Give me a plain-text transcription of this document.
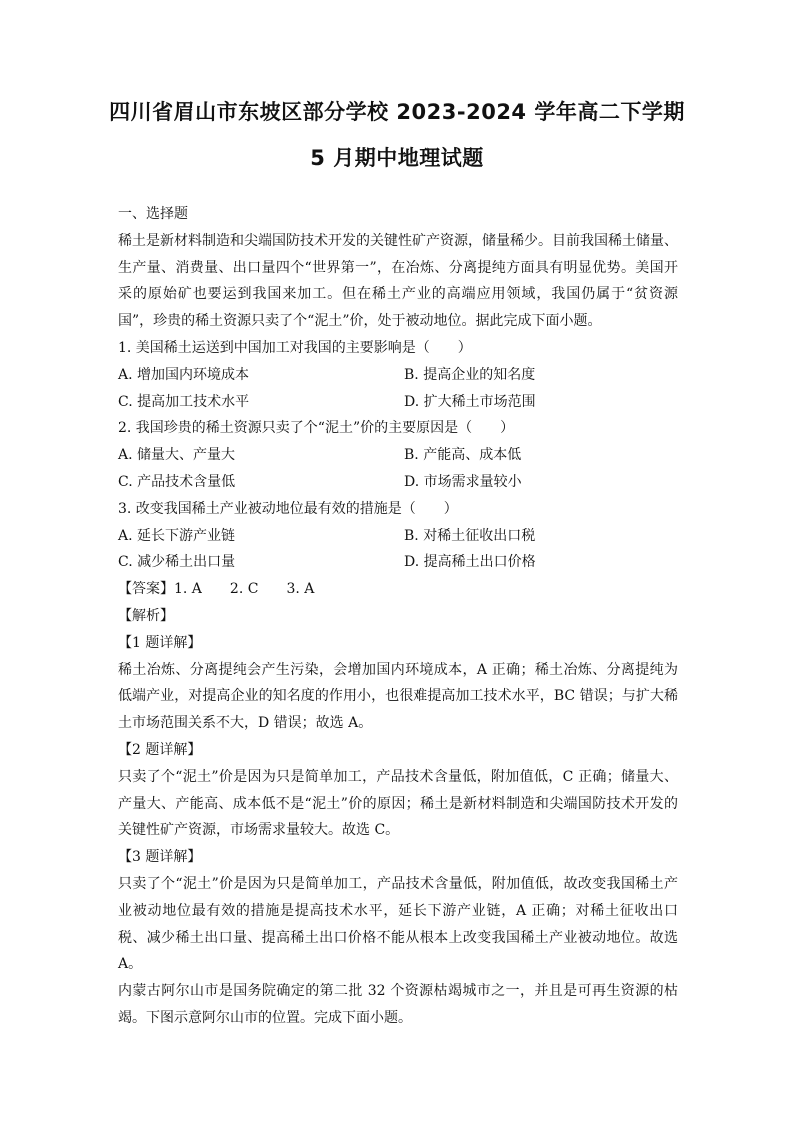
四川省眉山市东坡区部分学校 2023-2024 学年高二下学期
5 月期中地理试题

一、选择题

稀土是新材料制造和尖端国防技术开发的关键性矿产资源，储量稀少。目前我国稀土储量、生产量、消费量、出口量四个“世界第一”，在冶炼、分离提纯方面具有明显优势。美国开采的原始矿也要运到我国来加工。但在稀土产业的高端应用领域，我国仍属于“贫资源国”，珍贵的稀土资源只卖了个“泥土”价，处于被动地位。据此完成下面小题。

1. 美国稀土运送到中国加工对我国的主要影响是（　　）

A. 增加国内环境成本	B. 提高企业的知名度
C. 提高加工技术水平	D. 扩大稀土市场范围

2. 我国珍贵的稀土资源只卖了个“泥土”价的主要原因是（　　）

A. 储量大、产量大	B. 产能高、成本低
C. 产品技术含量低	D. 市场需求量较小

3. 改变我国稀土产业被动地位最有效的措施是（　　）

A. 延长下游产业链	B. 对稀土征收出口税
C. 减少稀土出口量	D. 提高稀土出口价格

【答案】1. A 2. C 3. A

【解析】

【1 题详解】

稀土冶炼、分离提纯会产生污染，会增加国内环境成本，A 正确；稀土冶炼、分离提纯为低端产业，对提高企业的知名度的作用小，也很难提高加工技术水平，BC 错误；与扩大稀土市场范围关系不大，D 错误；故选 A。

【2 题详解】

只卖了个“泥土”价是因为只是简单加工，产品技术含量低，附加值低，C 正确；储量大、产量大、产能高、成本低不是“泥土”价的原因；稀土是新材料制造和尖端国防技术开发的关键性矿产资源，市场需求量较大。故选 C。

【3 题详解】

只卖了个“泥土”价是因为只是简单加工，产品技术含量低，附加值低，故改变我国稀土产业被动地位最有效的措施是提高技术水平，延长下游产业链，A 正确；对稀土征收出口税、减少稀土出口量、提高稀土出口价格不能从根本上改变我国稀土产业被动地位。故选 A。

内蒙古阿尔山市是国务院确定的第二批 32 个资源枯竭城市之一，并且是可再生资源的枯竭。下图示意阿尔山市的位置。完成下面小题。
